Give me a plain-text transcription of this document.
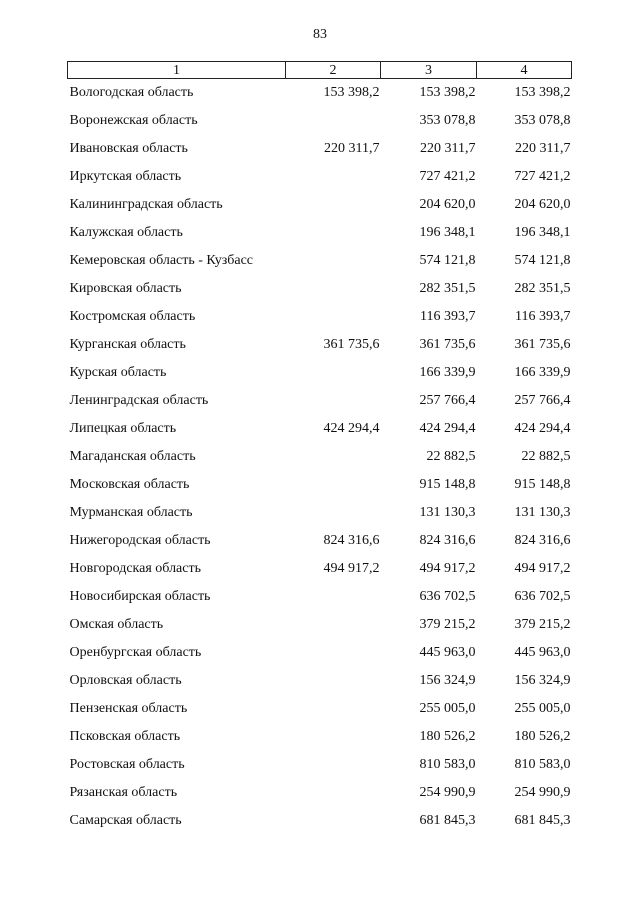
83
1	2	3	4
Вологодская область	153 398,2	153 398,2	153 398,2
Воронежская область		353 078,8	353 078,8
Ивановская область	220 311,7	220 311,7	220 311,7
Иркутская область		727 421,2	727 421,2
Калининградская область		204 620,0	204 620,0
Калужская область		196 348,1	196 348,1
Кемеровская область - Кузбасс		574 121,8	574 121,8
Кировская область		282 351,5	282 351,5
Костромская область		116 393,7	116 393,7
Курганская область	361 735,6	361 735,6	361 735,6
Курская область		166 339,9	166 339,9
Ленинградская область		257 766,4	257 766,4
Липецкая область	424 294,4	424 294,4	424 294,4
Магаданская область		22 882,5	22 882,5
Московская область		915 148,8	915 148,8
Мурманская область		131 130,3	131 130,3
Нижегородская область	824 316,6	824 316,6	824 316,6
Новгородская область	494 917,2	494 917,2	494 917,2
Новосибирская область		636 702,5	636 702,5
Омская область		379 215,2	379 215,2
Оренбургская область		445 963,0	445 963,0
Орловская область		156 324,9	156 324,9
Пензенская область		255 005,0	255 005,0
Псковская область		180 526,2	180 526,2
Ростовская область		810 583,0	810 583,0
Рязанская область		254 990,9	254 990,9
Самарская область		681 845,3	681 845,3
